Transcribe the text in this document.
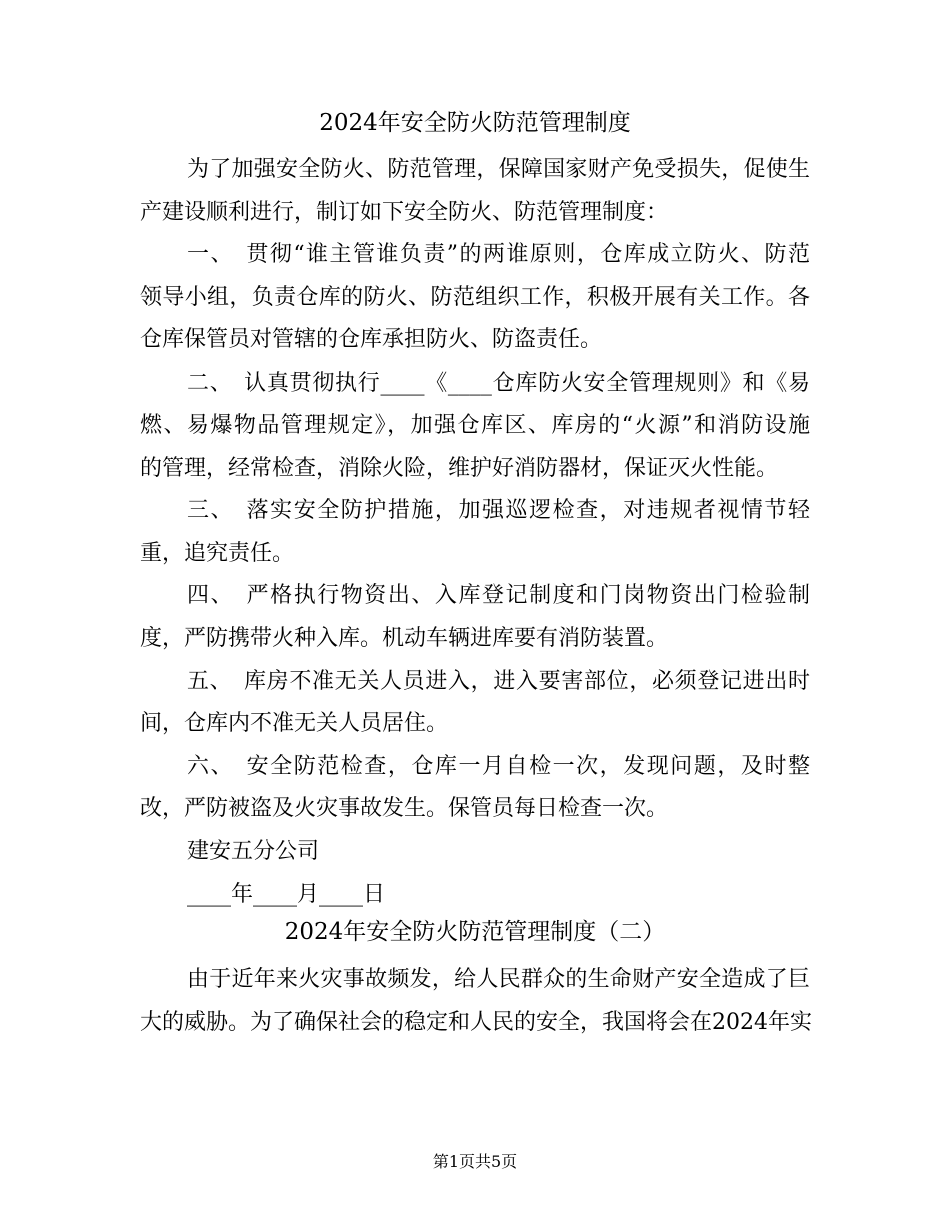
2024年安全防火防范管理制度

为了加强安全防火、防范管理，保障国家财产免受损失，促使生

产建设顺利进行，制订如下安全防火、防范管理制度：

一、　贯彻“谁主管谁负责”的两谁原则，仓库成立防火、防范

领导小组，负责仓库的防火、防范组织工作，积极开展有关工作。各

仓库保管员对管辖的仓库承担防火、防盗责任。

二、　认真贯彻执行____《____仓库防火安全管理规则》和《易

燃、易爆物品管理规定》，加强仓库区、库房的“火源”和消防设施

的管理，经常检查，消除火险，维护好消防器材，保证灭火性能。

三、　落实安全防护措施，加强巡逻检查，对违规者视情节轻

重，追究责任。

四、　严格执行物资出、入库登记制度和门岗物资出门检验制

度，严防携带火种入库。机动车辆进库要有消防装置。

五、　库房不准无关人员进入，进入要害部位，必须登记进出时

间，仓库内不准无关人员居住。

六、　安全防范检查，仓库一月自检一次，发现问题，及时整

改，严防被盗及火灾事故发生。保管员每日检查一次。

建安五分公司

____年____月____日

2024年安全防火防范管理制度（二）

由于近年来火灾事故频发，给人民群众的生命财产安全造成了巨

大的威胁。为了确保社会的稳定和人民的安全，我国将会在2024年实

第1页共5页
